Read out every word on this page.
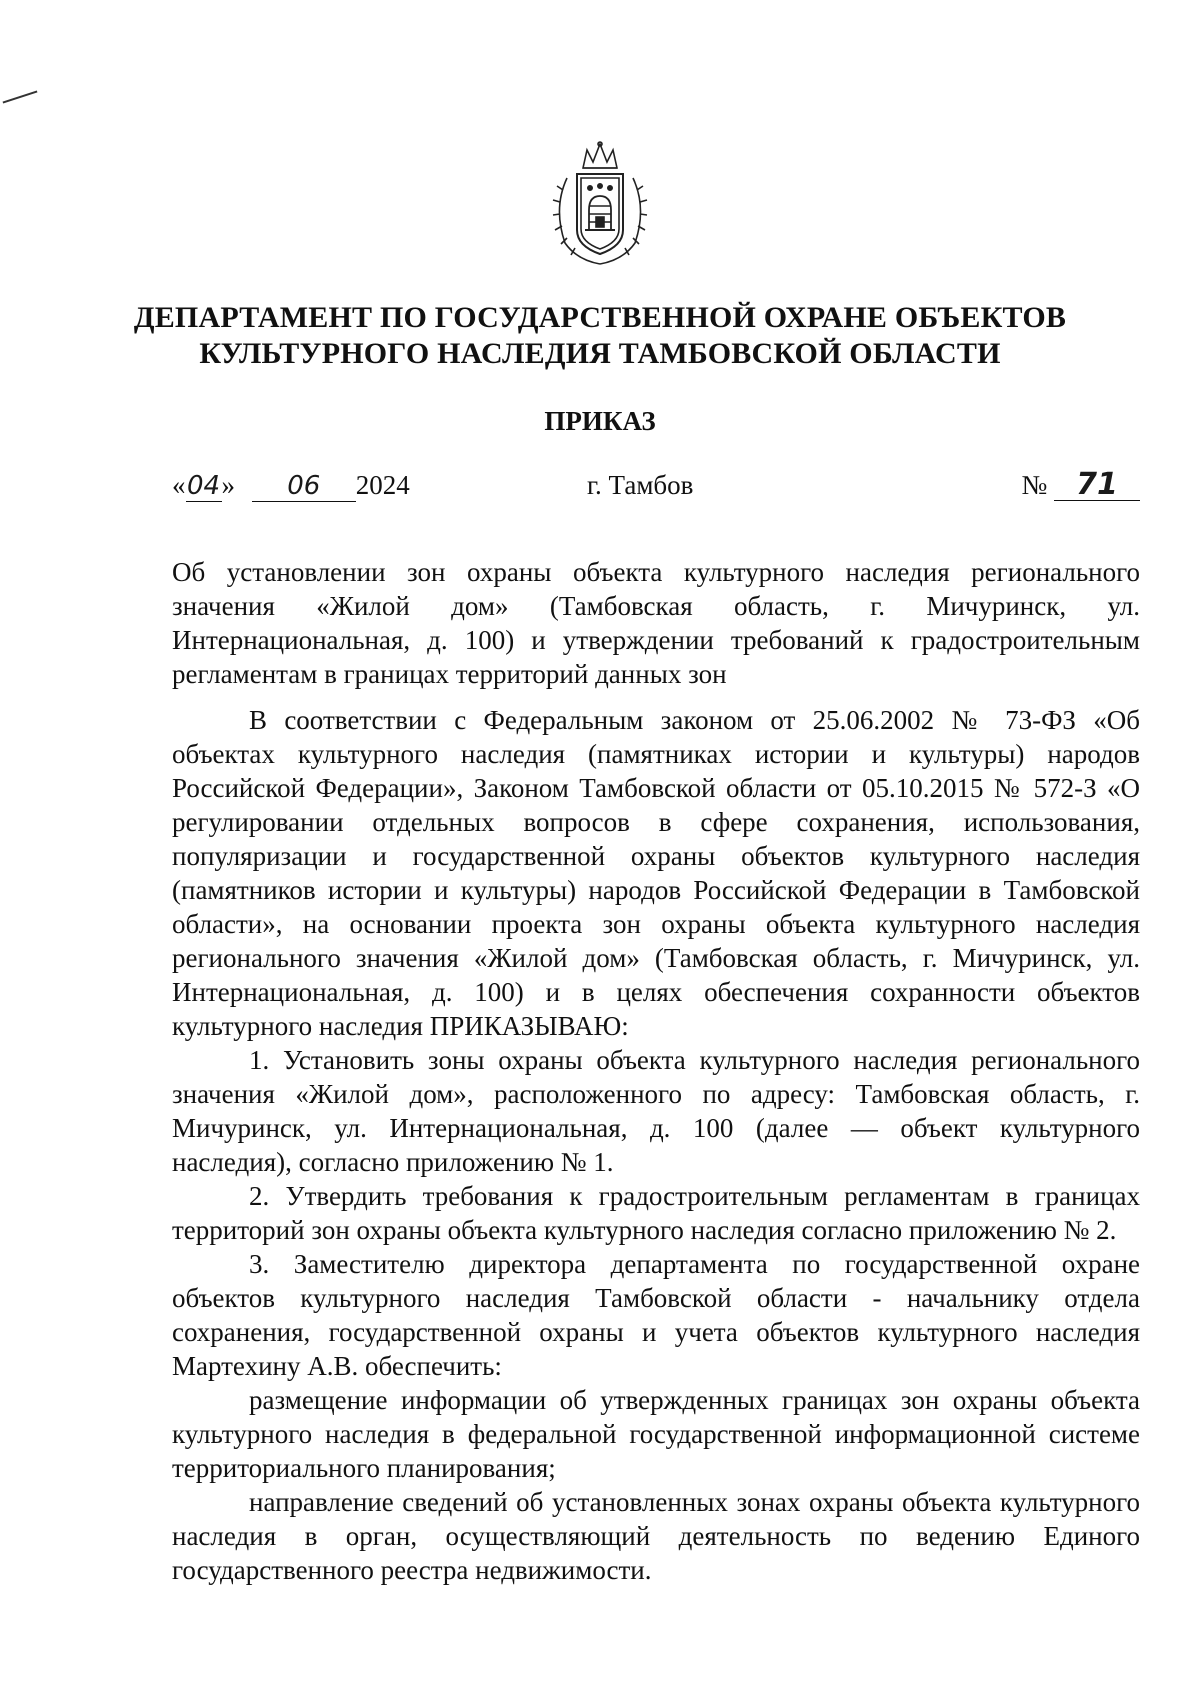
ДЕПАРТАМЕНТ ПО ГОСУДАРСТВЕННОЙ ОХРАНЕ ОБЪЕКТОВ
КУЛЬТУРНОГО НАСЛЕДИЯ ТАМБОВСКОЙ ОБЛАСТИ
ПРИКАЗ
«04» 06 2024	г. Тамбов	№ 71
Об установлении зон охраны объекта культурного наследия регионального значения «Жилой дом» (Тамбовская область, г. Мичуринск, ул. Интернациональная, д. 100) и утверждении требований к градостроительным регламентам в границах территорий данных зон

В соответствии с Федеральным законом от 25.06.2002 № 73-ФЗ «Об объектах культурного наследия (памятниках истории и культуры) народов Российской Федерации», Законом Тамбовской области от 05.10.2015 № 572-З «О регулировании отдельных вопросов в сфере сохранения, использования, популяризации и государственной охраны объектов культурного наследия (памятников истории и культуры) народов Российской Федерации в Тамбовской области», на основании проекта зон охраны объекта культурного наследия регионального значения «Жилой дом» (Тамбовская область, г. Мичуринск, ул. Интернациональная, д. 100) и в целях обеспечения сохранности объектов культурного наследия ПРИКАЗЫВАЮ:

1. Установить зоны охраны объекта культурного наследия регионального значения «Жилой дом», расположенного по адресу: Тамбовская область, г. Мичуринск, ул. Интернациональная, д. 100 (далее — объект культурного наследия), согласно приложению № 1.

2. Утвердить требования к градостроительным регламентам в границах территорий зон охраны объекта культурного наследия согласно приложению № 2.

3. Заместителю директора департамента по государственной охране объектов культурного наследия Тамбовской области - начальнику отдела сохранения, государственной охраны и учета объектов культурного наследия Мартехину А.В. обеспечить:

размещение информации об утвержденных границах зон охраны объекта культурного наследия в федеральной государственной информационной системе территориального планирования;

направление сведений об установленных зонах охраны объекта культурного наследия в орган, осуществляющий деятельность по ведению Единого государственного реестра недвижимости.
